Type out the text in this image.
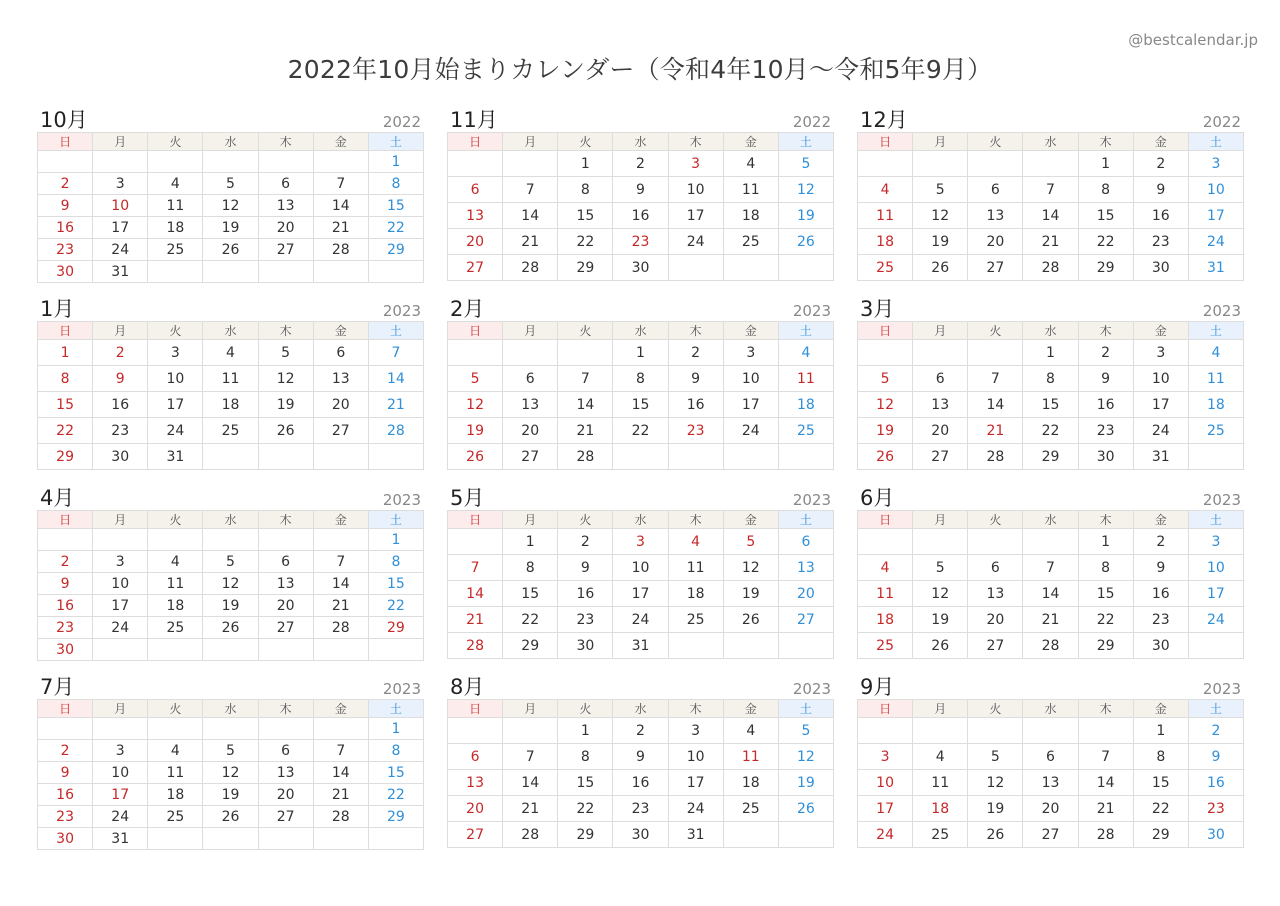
@bestcalendar.jp
2022年10月始まりカレンダー（令和4年10月〜令和5年9月）
10月	2022
日	月	火	水	木	金	土
						1
2	3	4	5	6	7	8
9	10	11	12	13	14	15
16	17	18	19	20	21	22
23	24	25	26	27	28	29
30	31					
11月	2022
日	月	火	水	木	金	土
		1	2	3	4	5
6	7	8	9	10	11	12
13	14	15	16	17	18	19
20	21	22	23	24	25	26
27	28	29	30			
12月	2022
日	月	火	水	木	金	土
				1	2	3
4	5	6	7	8	9	10
11	12	13	14	15	16	17
18	19	20	21	22	23	24
25	26	27	28	29	30	31
1月	2023
日	月	火	水	木	金	土
1	2	3	4	5	6	7
8	9	10	11	12	13	14
15	16	17	18	19	20	21
22	23	24	25	26	27	28
29	30	31				
2月	2023
日	月	火	水	木	金	土
			1	2	3	4
5	6	7	8	9	10	11
12	13	14	15	16	17	18
19	20	21	22	23	24	25
26	27	28				
3月	2023
日	月	火	水	木	金	土
			1	2	3	4
5	6	7	8	9	10	11
12	13	14	15	16	17	18
19	20	21	22	23	24	25
26	27	28	29	30	31	
4月	2023
日	月	火	水	木	金	土
						1
2	3	4	5	6	7	8
9	10	11	12	13	14	15
16	17	18	19	20	21	22
23	24	25	26	27	28	29
30						
5月	2023
日	月	火	水	木	金	土
	1	2	3	4	5	6
7	8	9	10	11	12	13
14	15	16	17	18	19	20
21	22	23	24	25	26	27
28	29	30	31			
6月	2023
日	月	火	水	木	金	土
				1	2	3
4	5	6	7	8	9	10
11	12	13	14	15	16	17
18	19	20	21	22	23	24
25	26	27	28	29	30	
7月	2023
日	月	火	水	木	金	土
						1
2	3	4	5	6	7	8
9	10	11	12	13	14	15
16	17	18	19	20	21	22
23	24	25	26	27	28	29
30	31					
8月	2023
日	月	火	水	木	金	土
		1	2	3	4	5
6	7	8	9	10	11	12
13	14	15	16	17	18	19
20	21	22	23	24	25	26
27	28	29	30	31		
9月	2023
日	月	火	水	木	金	土
					1	2
3	4	5	6	7	8	9
10	11	12	13	14	15	16
17	18	19	20	21	22	23
24	25	26	27	28	29	30
